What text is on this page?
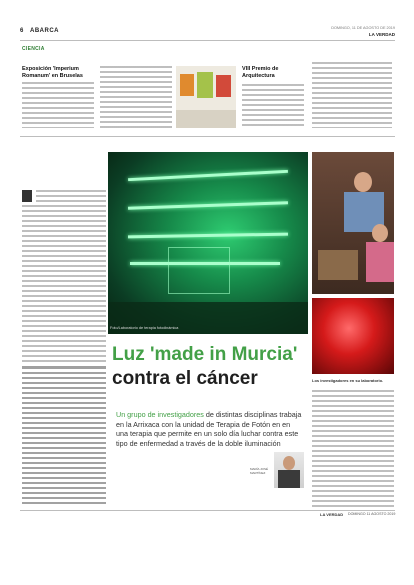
6 ABARCA	DOMINGO, 11 DE AGOSTO DE 2019
LA VERDAD
CIENCIA
Exposición 'Imperium Romanum' en Bruselas
VIII Premio de Arquitectura
Foto/Laboratorio de terapia fotodinámica
Los investigadores en su laboratorio.
Luz 'made in Murcia'
contra el cáncer
Un grupo de investigadores de distintas disciplinas trabaja en la Arrixaca con la unidad de Terapia de Fotón en en una terapia que permite en un solo día luchar contra este tipo de enfermedad a través de la doble iluminación
MARÍA JOSÉ MARTÍNEZ
LA VERDAD DOMINGO 11 AGOSTO 2019
